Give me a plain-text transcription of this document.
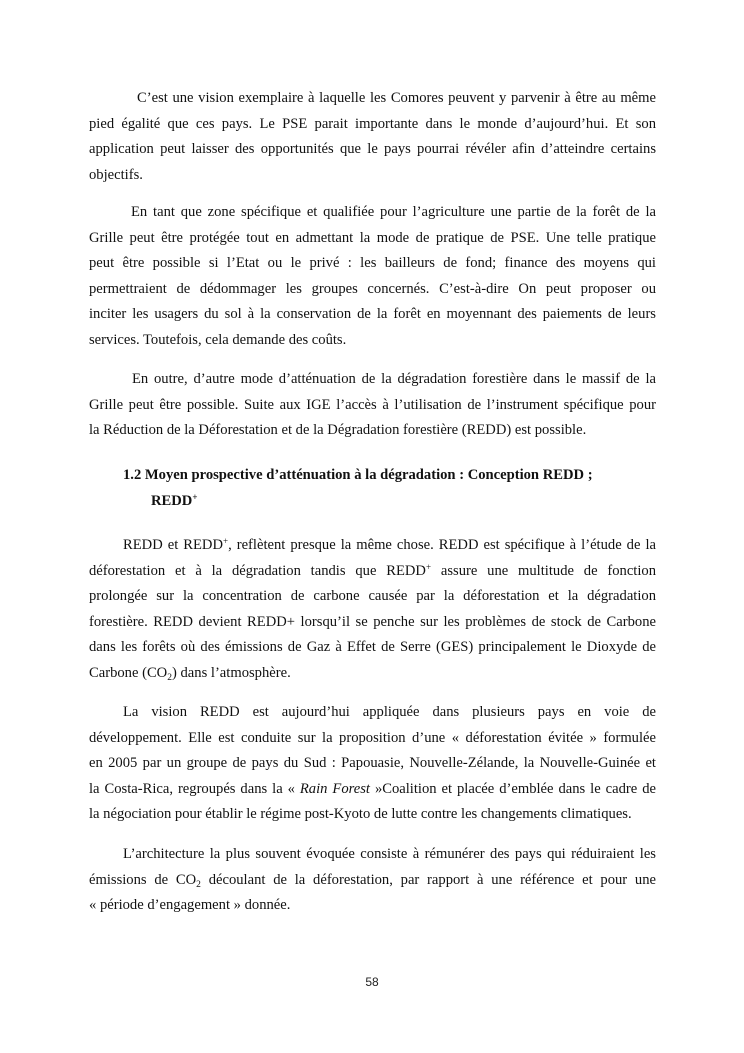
C’est une vision exemplaire à laquelle les Comores peuvent y parvenir à être au même
pied égalité que ces pays. Le PSE parait importante dans le monde d’aujourd’hui. Et son
application peut laisser des opportunités que le pays pourrai révéler afin d’atteindre certains
objectifs.
En tant que zone spécifique et qualifiée pour l’agriculture une partie de la forêt de la
Grille peut être protégée tout en admettant la mode de pratique de PSE. Une telle pratique
peut être possible si l’Etat ou le privé : les bailleurs de fond; finance des moyens qui
permettraient de dédommager les groupes concernés. C’est-à-dire On peut proposer ou
inciter les usagers du sol à la conservation de la forêt en moyennant des paiements de leurs
services. Toutefois, cela demande des coûts.
En outre, d’autre mode d’atténuation de la dégradation forestière dans le massif de la
Grille peut être possible. Suite aux IGE l’accès à l’utilisation de l’instrument spécifique pour
la Réduction de la Déforestation et de la Dégradation forestière (REDD) est possible.
1.2 Moyen prospective d’atténuation à la dégradation : Conception REDD ;
REDD+
REDD et REDD+, reflètent presque la même chose. REDD est spécifique à l’étude de la
déforestation et à la dégradation tandis que REDD+ assure une multitude de fonction
prolongée sur la concentration de carbone causée par la déforestation et la dégradation
forestière. REDD devient REDD+ lorsqu’il se penche sur les problèmes de stock de Carbone
dans les forêts où des émissions de Gaz à Effet de Serre (GES) principalement le Dioxyde de
Carbone $(CO_2)$ dans l’atmosphère.
La vision REDD est aujourd’hui appliquée dans plusieurs pays en voie de
développement. Elle est conduite sur la proposition d’une « déforestation évitée » formulée
en 2005 par un groupe de pays du Sud : Papouasie, Nouvelle-Zélande, la Nouvelle-Guinée et
la Costa-Rica, regroupés dans la « Rain Forest »Coalition et placée d’emblée dans le cadre de
la négociation pour établir le régime post-Kyoto de lutte contre les changements climatiques.
L’architecture la plus souvent évoquée consiste à rémunérer des pays qui réduiraient les
émissions de $CO_2$ découlant de la déforestation, par rapport à une référence et pour une
« période d’engagement » donnée.
58
